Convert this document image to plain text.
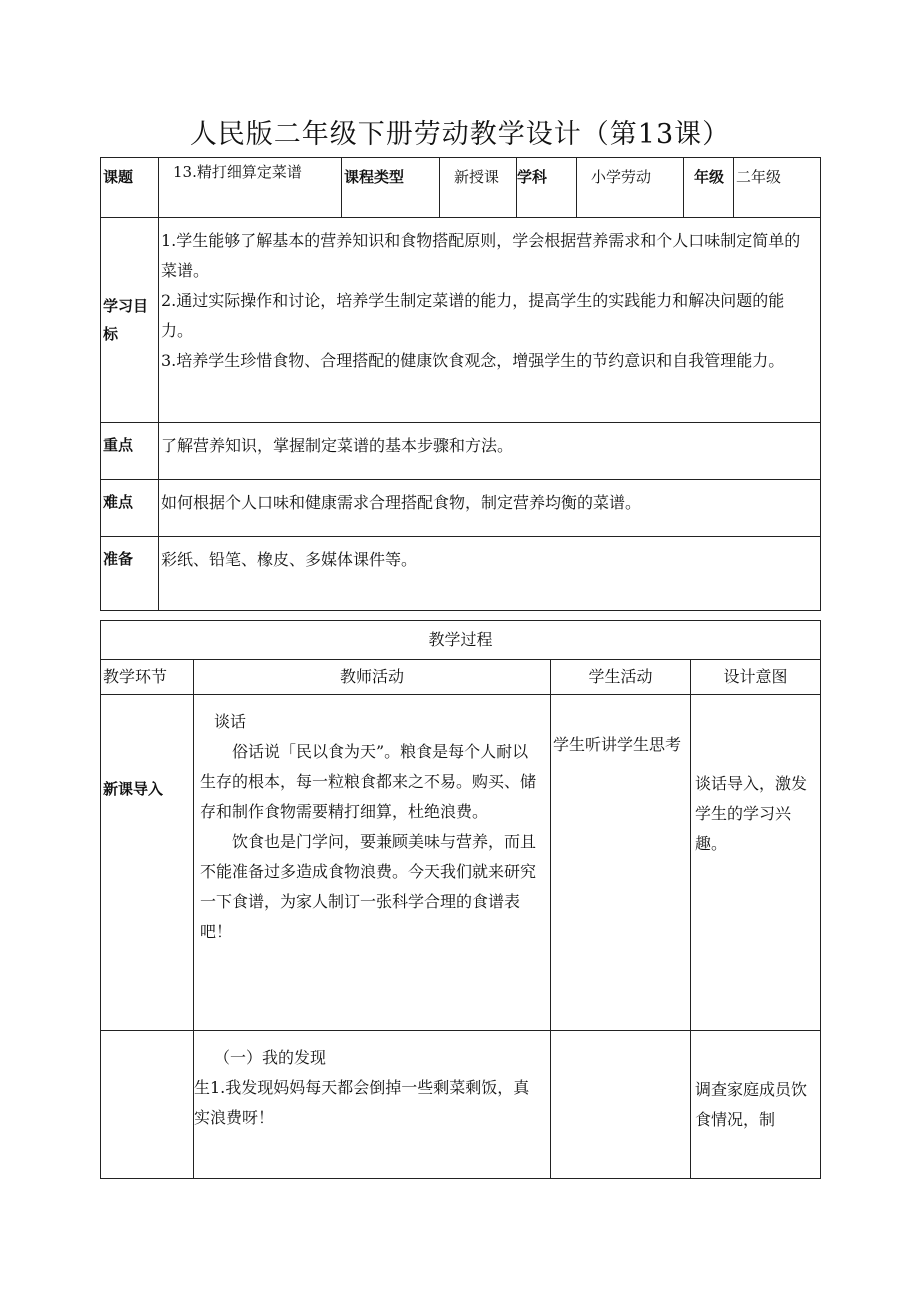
人民版二年级下册劳动教学设计（第13课）
课题	13.精打细算定菜谱	课程类型	新授课	学科	小学劳动	年级	二年级
学习目标	1.学生能够了解基本的营养知识和食物搭配原则，学会根据营养需求和个人口味制定简单的菜谱。
2.通过实际操作和讨论，培养学生制定菜谱的能力，提高学生的实践能力和解决问题的能力。
3.培养学生珍惜食物、合理搭配的健康饮食观念，增强学生的节约意识和自我管理能力。						

重点	了解营养知识，掌握制定菜谱的基本步骤和方法。						
难点	如何根据个人口味和健康需求合理搭配食物，制定营养均衡的菜谱。						
准备	彩纸、铅笔、橡皮、多媒体课件等。						
教学过程			
教学环节	教师活动	学生活动	设计意图
新课导入	谈话
俗话说「民以食为天”。粮食是每个人耐以生存的根本，每一粒粮食都来之不易。购买、储存和制作食物需要精打细算，杜绝浪费。
饮食也是门学问，要兼顾美味与营养，而且不能准备过多造成食物浪费。今天我们就来研究一下食谱，为家人制订一张科学合理的食谱表吧！	学生听讲学生思考	谈话导入，激发学生的学习兴趣。

	（一）我的发现
生1.我发现妈妈每天都会倒掉一些剩菜剩饭，真实浪费呀！		调查家庭成员饮食情况，制
